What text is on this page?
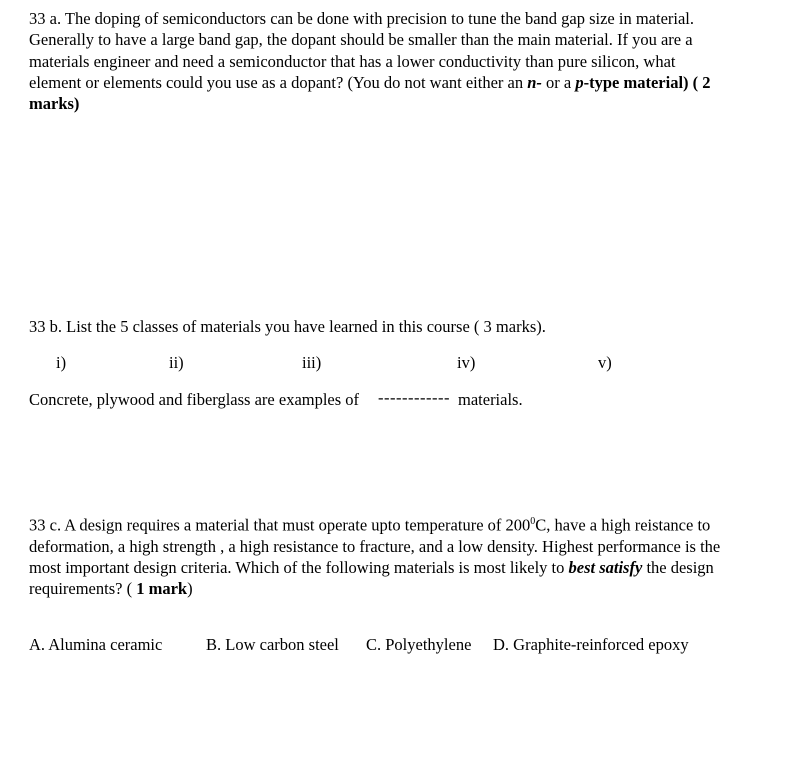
33 a. The doping of semiconductors can be done with precision to tune the band gap size in material. Generally to have a large band gap, the dopant should be smaller than the main material. If you are a materials engineer and need a semiconductor that has a lower conductivity than pure silicon, what element or elements could you use as a dopant? (You do not want either an n- or a p-type material) ( 2 marks)
33 b. List the 5 classes of materials you have learned in this course ( 3 marks).
i)	ii)	iii)	iv)	v)
Concrete, plywood and fiberglass are examples of ------------ materials.
33 c. A design requires a material that must operate upto temperature of $200^0C$, have a high reistance to deformation, a high strength , a high resistance to fracture, and a low density. Highest performance is the most important design criteria. Which of the following materials is most likely to best satisfy the design requirements? ( 1 mark)
A. Alumina ceramic	B. Low carbon steel C. Polyethylene D. Graphite-reinforced epoxy
